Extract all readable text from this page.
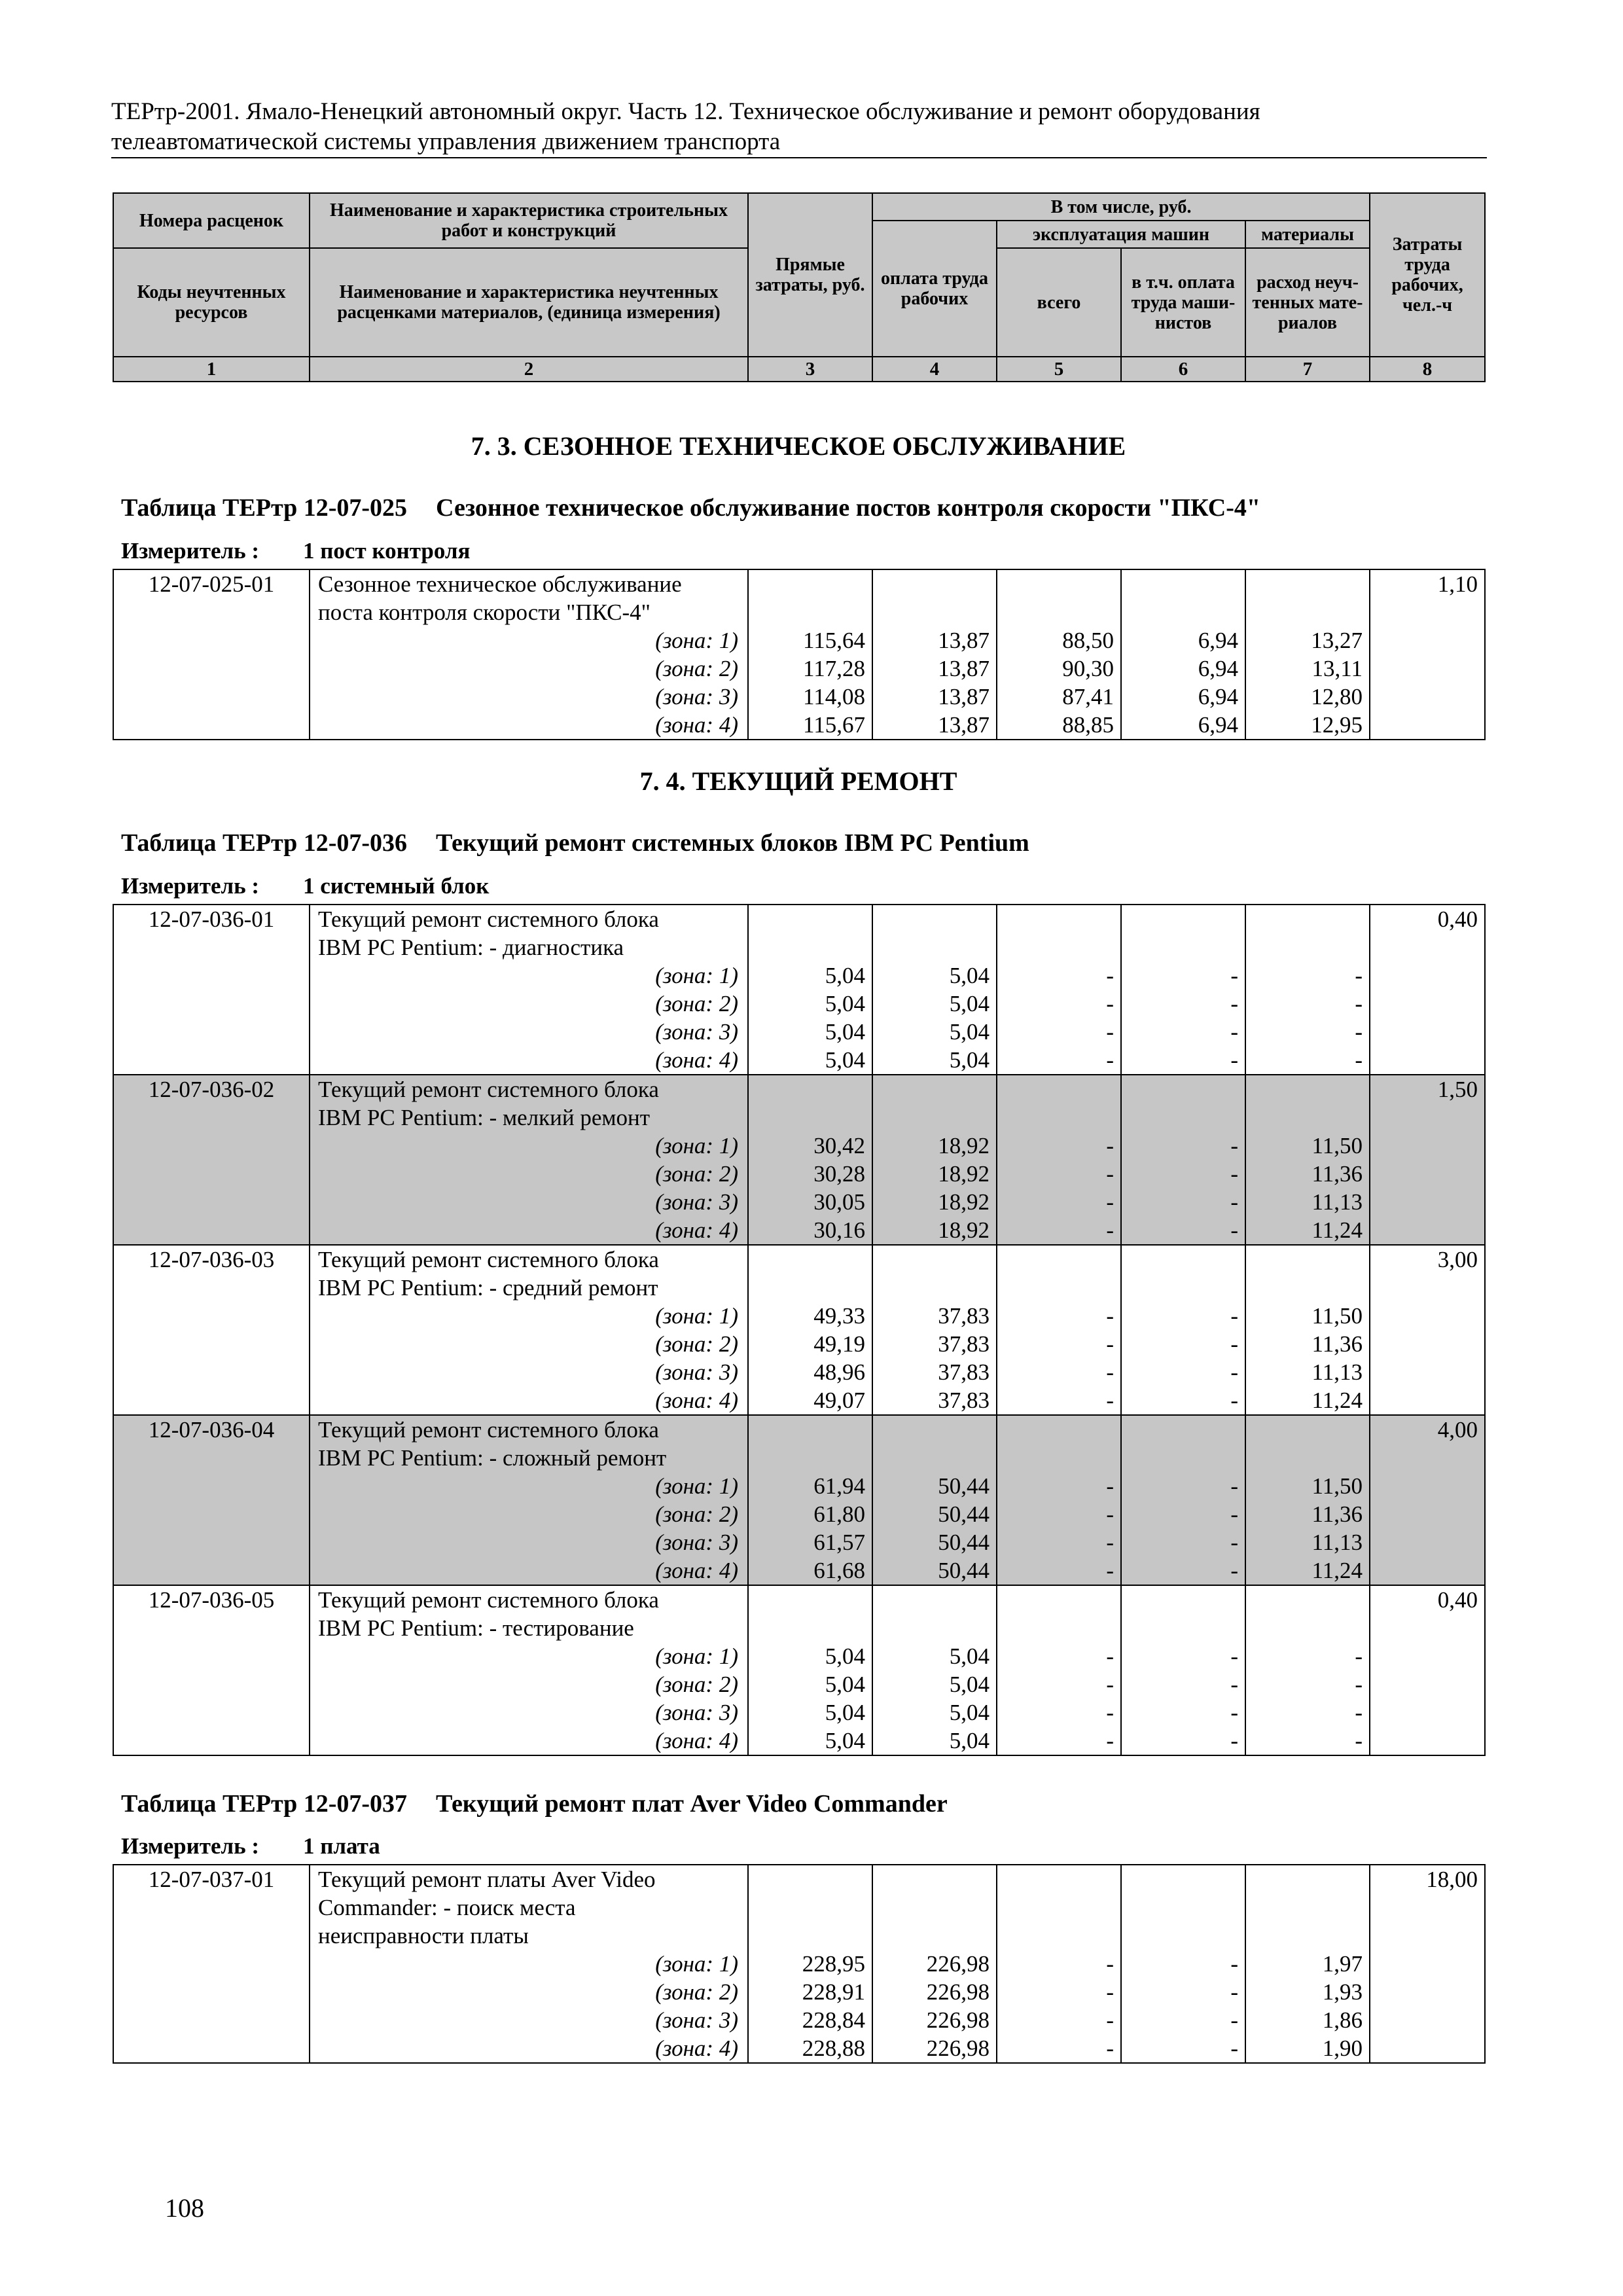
ТЕРтр-2001. Ямало-Ненецкий автономный округ. Часть 12. Техническое обслуживание и ремонт оборудования
телеавтоматической системы управления движением транспорта
Номера расценок	Наименование и характеристика строительных работ и конструкций	Прямые затраты, руб.	В том числе, руб.				Затраты труда рабочих, чел.-ч
			оплата труда рабочих	эксплуатация машин		материалы	
Коды неучтенных ресурсов	Наименование и характеристика неучтенных расценками материалов, (единица измерения)			всего	в т.ч. оплата труда маши-нистов	расход неуч-тенных мате-риалов	

1	2	3	4	5	6	7	8
7. 3. СЕЗОННОЕ ТЕХНИЧЕСКОЕ ОБСЛУЖИВАНИЕ
Таблица ТЕРтр 12-07-025 Сезонное техническое обслуживание постов контроля скорости "ПКС-4"
Измеритель : 1 пост контроля
12-07-025-01	Сезонное техническое обслуживание						1,10
	поста контроля скорости "ПКС-4"						
	(зона: 1)	115,64	13,87	88,50	6,94	13,27	
	(зона: 2)	117,28	13,87	90,30	6,94	13,11	
	(зона: 3)	114,08	13,87	87,41	6,94	12,80	
	(зона: 4)	115,67	13,87	88,85	6,94	12,95	
7. 4. ТЕКУЩИЙ РЕМОНТ
Таблица ТЕРтр 12-07-036 Текущий ремонт системных блоков IBM PC Pentium
Измеритель : 1 системный блок
12-07-036-01	Текущий ремонт системного блока						0,40
	IBM PC Pentium: - диагностика						
	(зона: 1)	5,04	5,04	-	-	-	
	(зона: 2)	5,04	5,04	-	-	-	
	(зона: 3)	5,04	5,04	-	-	-	
	(зона: 4)	5,04	5,04	-	-	-	
12-07-036-02	Текущий ремонт системного блока						1,50
	IBM PC Pentium: - мелкий ремонт						
	(зона: 1)	30,42	18,92	-	-	11,50	
	(зона: 2)	30,28	18,92	-	-	11,36	
	(зона: 3)	30,05	18,92	-	-	11,13	
	(зона: 4)	30,16	18,92	-	-	11,24	
12-07-036-03	Текущий ремонт системного блока						3,00
	IBM PC Pentium: - средний ремонт						
	(зона: 1)	49,33	37,83	-	-	11,50	
	(зона: 2)	49,19	37,83	-	-	11,36	
	(зона: 3)	48,96	37,83	-	-	11,13	
	(зона: 4)	49,07	37,83	-	-	11,24	
12-07-036-04	Текущий ремонт системного блока						4,00
	IBM PC Pentium: - сложный ремонт						
	(зона: 1)	61,94	50,44	-	-	11,50	
	(зона: 2)	61,80	50,44	-	-	11,36	
	(зона: 3)	61,57	50,44	-	-	11,13	
	(зона: 4)	61,68	50,44	-	-	11,24	
12-07-036-05	Текущий ремонт системного блока						0,40
	IBM PC Pentium: - тестирование						
	(зона: 1)	5,04	5,04	-	-	-	
	(зона: 2)	5,04	5,04	-	-	-	
	(зона: 3)	5,04	5,04	-	-	-	
	(зона: 4)	5,04	5,04	-	-	-	
Таблица ТЕРтр 12-07-037 Текущий ремонт плат Aver Video Commander
Измеритель : 1 плата
12-07-037-01	Текущий ремонт платы Aver Video						18,00
	Commander: - поиск места						
	неисправности платы						
	(зона: 1)	228,95	226,98	-	-	1,97	
	(зона: 2)	228,91	226,98	-	-	1,93	
	(зона: 3)	228,84	226,98	-	-	1,86	
	(зона: 4)	228,88	226,98	-	-	1,90	
108
